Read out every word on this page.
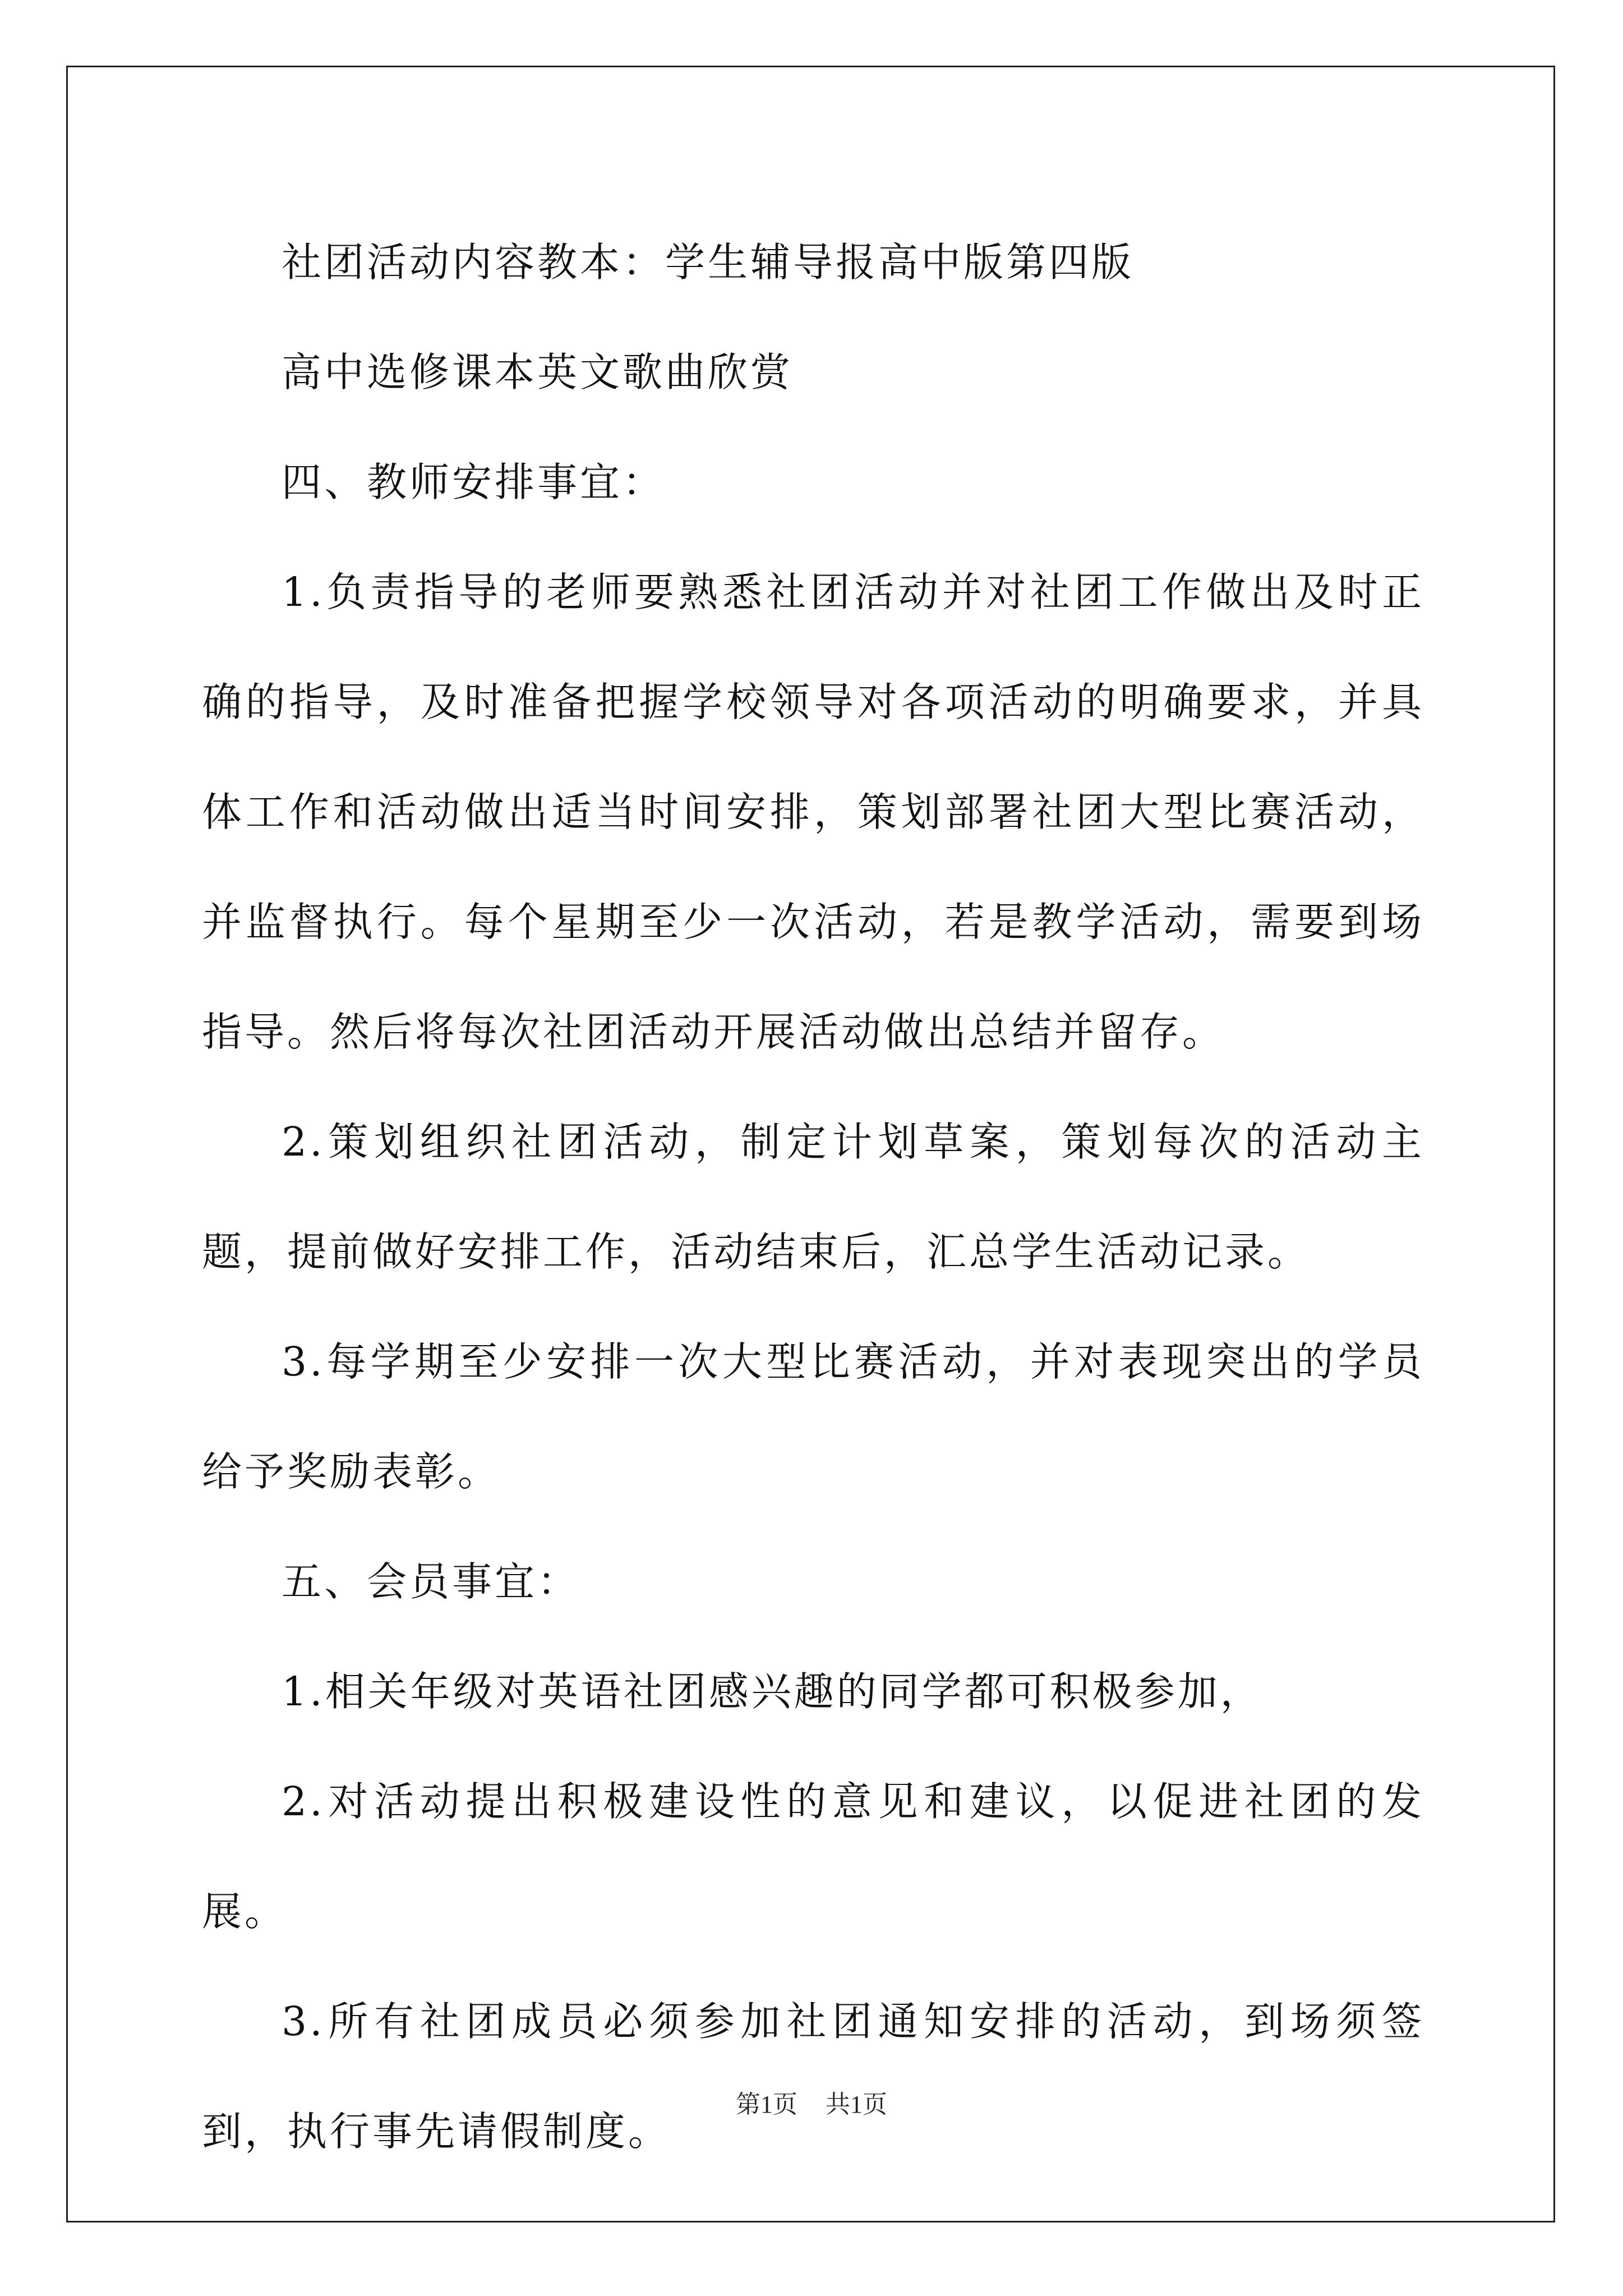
社团活动内容教本：学生辅导报高中版第四版

高中选修课本英文歌曲欣赏

四、教师安排事宜：

1.负责指导的老师要熟悉社团活动并对社团工作做出及时正确的指导，及时准备把握学校领导对各项活动的明确要求，并具体工作和活动做出适当时间安排，策划部署社团大型比赛活动，并监督执行。每个星期至少一次活动，若是教学活动，需要到场指导。然后将每次社团活动开展活动做出总结并留存。

2.策划组织社团活动，制定计划草案，策划每次的活动主题，提前做好安排工作，活动结束后，汇总学生活动记录。

3.每学期至少安排一次大型比赛活动，并对表现突出的学员给予奖励表彰。

五、会员事宜：

1.相关年级对英语社团感兴趣的同学都可积极参加，

2.对活动提出积极建设性的意见和建议，以促进社团的发展。

3.所有社团成员必须参加社团通知安排的活动，到场须签到，执行事先请假制度。

第1页 共1页
